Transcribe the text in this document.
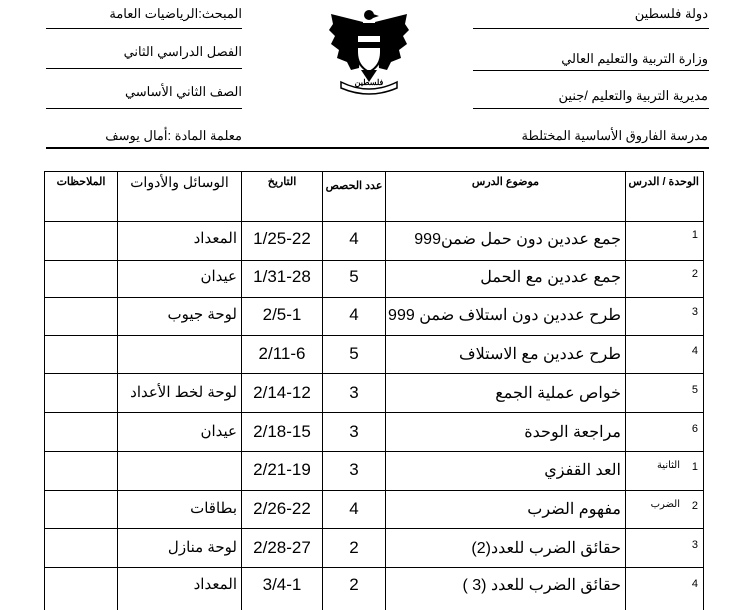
دولة فلسطين
وزارة التربية والتعليم العالي
مديرية التربية والتعليم /جنين
مدرسة الفاروق الأساسية المختلطة
المبحث:الرياضيات العامة
الفصل الدراسي الثاني
الصف الثاني الأساسي
معلمة المادة :أمال يوسف
فلسطين
الوحدة / الدرس
موضوع الدرس
عدد الحصص
التاريخ
الوسائل والأدوات
الملاحظات
1
جمع عددين دون حمل ضمن999
4
1/25-22
المعداد
2
جمع عددين مع الحمل
5
1/31-28
عيدان
3
طرح عددين دون استلاف ضمن 999
4
2/5-1
لوحة جيوب
4
طرح عددين مع الاستلاف
5
2/11-6
5
خواص عملية الجمع
3
2/14-12
لوحة لخط الأعداد
6
مراجعة الوحدة
3
2/18-15
عيدان
1
الثانية
العد القفزي
3
2/21-19
2
الضرب
مفهوم الضرب
4
2/26-22
بطاقات
3
حقائق الضرب للعدد(2)
2
2/28-27
لوحة منازل
4
حقائق الضرب للعدد (3 )
2
3/4-1
المعداد
